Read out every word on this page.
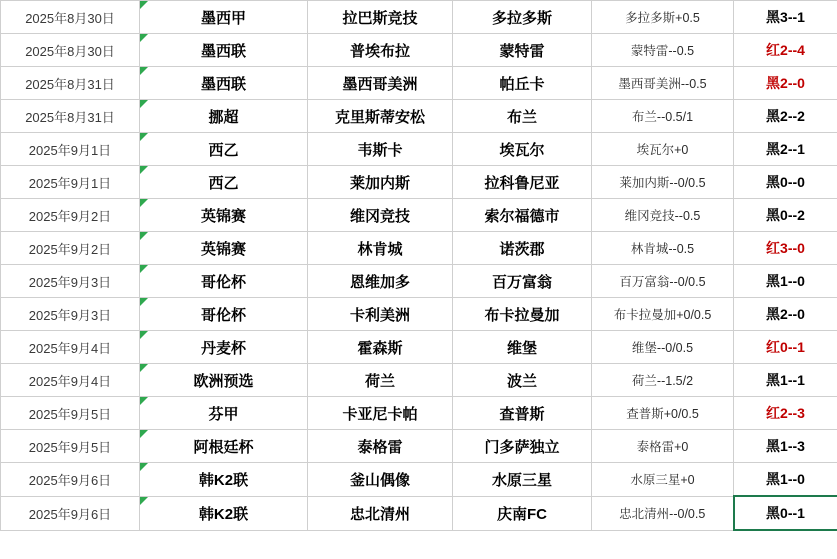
2025年8月30日	墨西甲	拉巴斯竞技	多拉多斯	多拉多斯+0.5	黑3--1
2025年8月30日	墨西联	普埃布拉	蒙特雷	蒙特雷--0.5	红2--4
2025年8月31日	墨西联	墨西哥美洲	帕丘卡	墨西哥美洲--0.5	黑2--0
2025年8月31日	挪超	克里斯蒂安松	布兰	布兰--0.5/1	黑2--2
2025年9月1日	西乙	韦斯卡	埃瓦尔	埃瓦尔+0	黑2--1
2025年9月1日	西乙	莱加内斯	拉科鲁尼亚	莱加内斯--0/0.5	黑0--0
2025年9月2日	英锦赛	维冈竞技	索尔福德市	维冈竞技--0.5	黑0--2
2025年9月2日	英锦赛	林肯城	诺茨郡	林肯城--0.5	红3--0
2025年9月3日	哥伦杯	恩维加多	百万富翁	百万富翁--0/0.5	黑1--0
2025年9月3日	哥伦杯	卡利美洲	布卡拉曼加	布卡拉曼加+0/0.5	黑2--0
2025年9月4日	丹麦杯	霍森斯	维堡	维堡--0/0.5	红0--1
2025年9月4日	欧洲预选	荷兰	波兰	荷兰--1.5/2	黑1--1
2025年9月5日	芬甲	卡亚尼卡帕	查普斯	查普斯+0/0.5	红2--3
2025年9月5日	阿根廷杯	泰格雷	门多萨独立	泰格雷+0	黑1--3
2025年9月6日	韩K2联	釜山偶像	水原三星	水原三星+0	黑1--0
2025年9月6日	韩K2联	忠北清州	庆南FC	忠北清州--0/0.5	黑0--1
